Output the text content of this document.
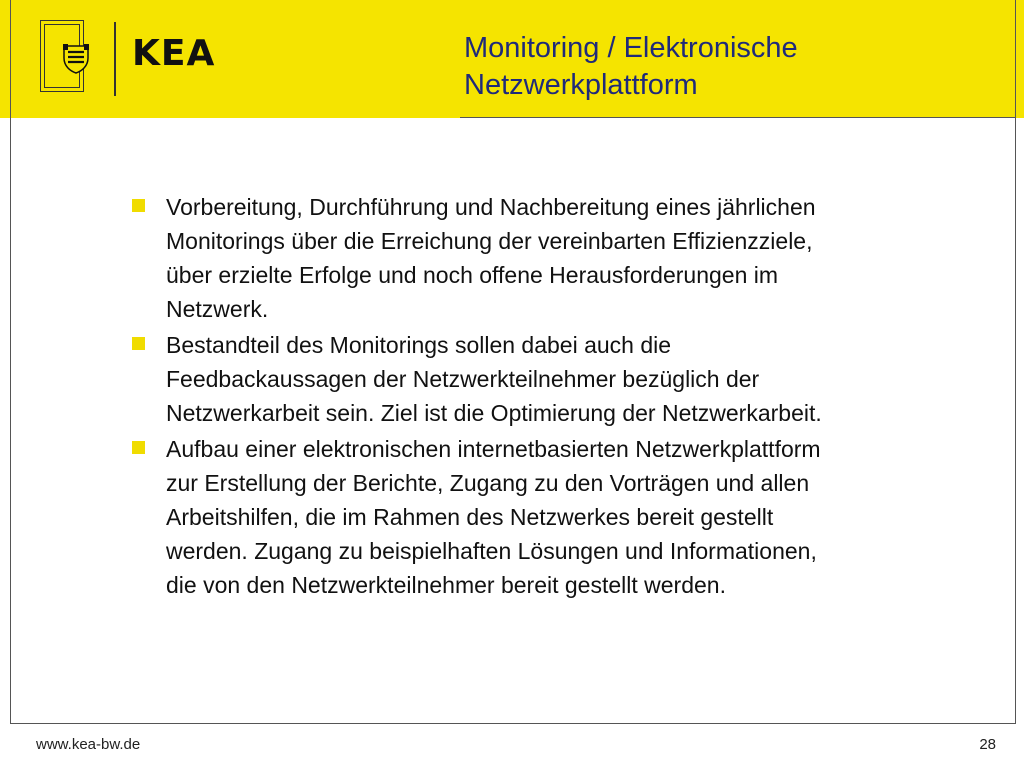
KEA	Monitoring / Elektronische
Netzwerkplattform
Vorbereitung, Durchführung und Nachbereitung eines jährlichen
Monitorings über die Erreichung der vereinbarten Effizienzziele,
über erzielte Erfolge und noch offene Herausforderungen im
Netzwerk.
Bestandteil des Monitorings sollen dabei auch die
Feedbackaussagen der Netzwerkteilnehmer bezüglich der
Netzwerkarbeit sein. Ziel ist die Optimierung der Netzwerkarbeit.
Aufbau einer elektronischen internetbasierten Netzwerkplattform
zur Erstellung der Berichte, Zugang zu den Vorträgen und allen
Arbeitshilfen, die im Rahmen des Netzwerkes bereit gestellt
werden. Zugang zu beispielhaften Lösungen und Informationen,
die von den Netzwerkteilnehmer bereit gestellt werden.
www.kea-bw.de	28
